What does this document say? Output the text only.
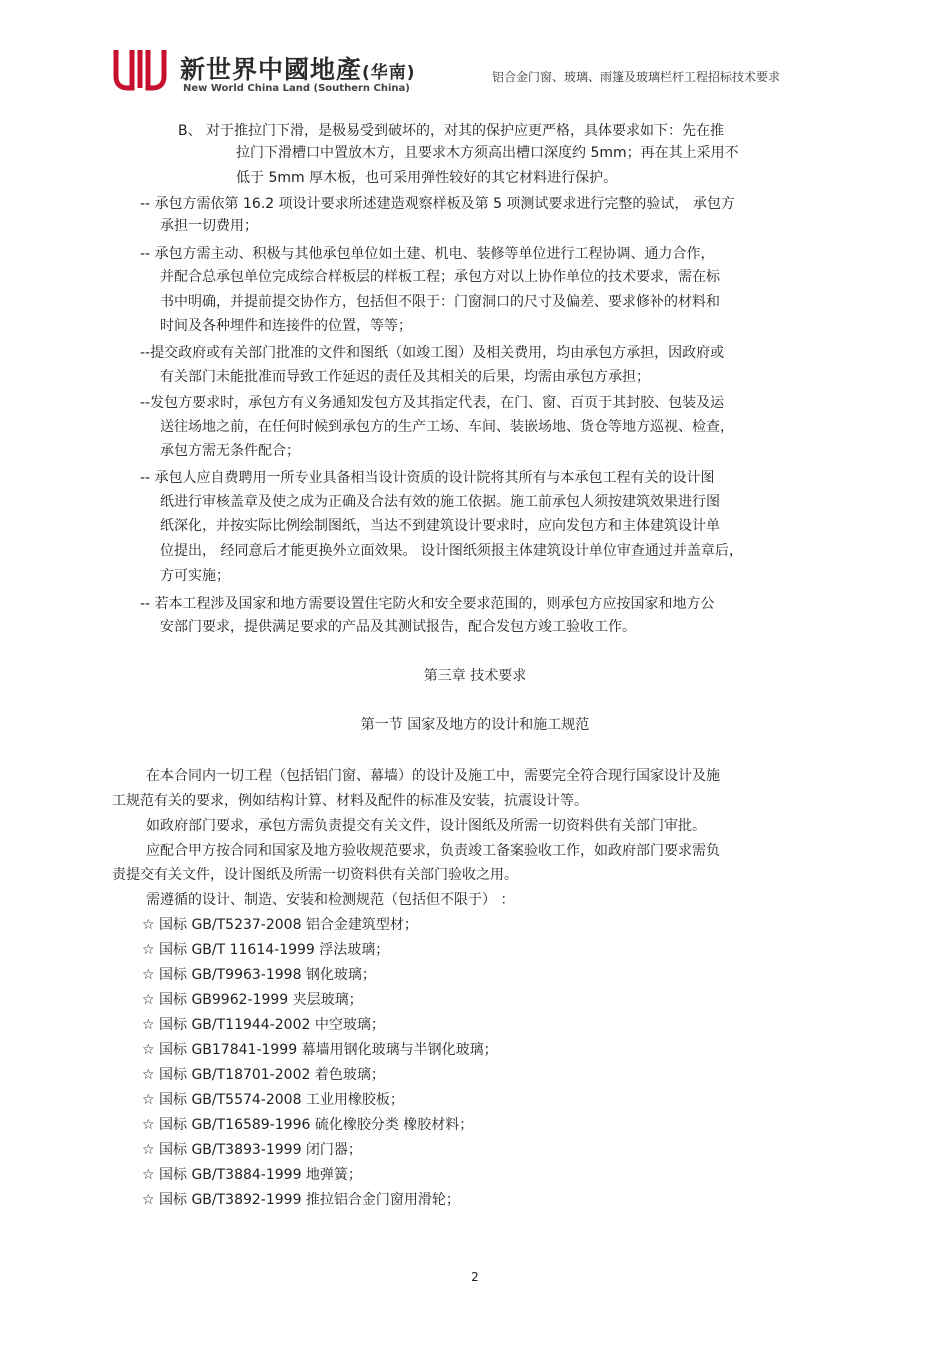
新世界中國地產(华南)
New World China Land (Southern China)
铝合金门窗、玻璃、雨篷及玻璃栏杆工程招标技术要求
B、 对于推拉门下滑，是极易受到破坏的，对其的保护应更严格，具体要求如下：先在推
拉门下滑槽口中置放木方，且要求木方须高出槽口深度约 5mm；再在其上采用不
低于 5mm 厚木板，也可采用弹性较好的其它材料进行保护。
-- 承包方需依第 16.2 项设计要求所述建造观察样板及第 5 项测试要求进行完整的验试， 承包方
承担一切费用；
-- 承包方需主动、积极与其他承包单位如土建、机电、装修等单位进行工程协调、通力合作，
并配合总承包单位完成综合样板层的样板工程；承包方对以上协作单位的技术要求，需在标
书中明确，并提前提交协作方，包括但不限于：门窗洞口的尺寸及偏差、要求修补的材料和
时间及各种埋件和连接件的位置，等等；
--提交政府或有关部门批准的文件和图纸（如竣工图）及相关费用，均由承包方承担，因政府或
有关部门未能批准而导致工作延迟的责任及其相关的后果，均需由承包方承担；
--发包方要求时，承包方有义务通知发包方及其指定代表，在门、窗、百页于其封胶、包装及运
送往场地之前，在任何时候到承包方的生产工场、车间、装嵌场地、货仓等地方巡视、检查，
承包方需无条件配合；
-- 承包人应自费聘用一所专业具备相当设计资质的设计院将其所有与本承包工程有关的设计图
纸进行审核盖章及使之成为正确及合法有效的施工依据。施工前承包人须按建筑效果进行图
纸深化，并按实际比例绘制图纸，当达不到建筑设计要求时，应向发包方和主体建筑设计单
位提出， 经同意后才能更换外立面效果。 设计图纸须报主体建筑设计单位审查通过并盖章后，
方可实施；
-- 若本工程涉及国家和地方需要设置住宅防火和安全要求范围的，则承包方应按国家和地方公
安部门要求，提供满足要求的产品及其测试报告，配合发包方竣工验收工作。
第三章 技术要求
第一节 国家及地方的设计和施工规范
在本合同内一切工程（包括铝门窗、幕墙）的设计及施工中，需要完全符合现行国家设计及施
工规范有关的要求，例如结构计算、材料及配件的标准及安装，抗震设计等。
如政府部门要求，承包方需负责提交有关文件，设计图纸及所需一切资料供有关部门审批。
应配合甲方按合同和国家及地方验收规范要求，负责竣工备案验收工作，如政府部门要求需负
责提交有关文件，设计图纸及所需一切资料供有关部门验收之用。
需遵循的设计、制造、安装和检测规范（包括但不限于） ：
☆ 国标 GB/T5237-2008 铝合金建筑型材；
☆ 国标 GB/T 11614-1999 浮法玻璃；
☆ 国标 GB/T9963-1998 钢化玻璃；
☆ 国标 GB9962-1999 夹层玻璃；
☆ 国标 GB/T11944-2002 中空玻璃；
☆ 国标 GB17841-1999 幕墙用钢化玻璃与半钢化玻璃；
☆ 国标 GB/T18701-2002 着色玻璃；
☆ 国标 GB/T5574-2008 工业用橡胶板；
☆ 国标 GB/T16589-1996 硫化橡胶分类 橡胶材料；
☆ 国标 GB/T3893-1999 闭门器；
☆ 国标 GB/T3884-1999 地弹簧；
☆ 国标 GB/T3892-1999 推拉铝合金门窗用滑轮；
2
